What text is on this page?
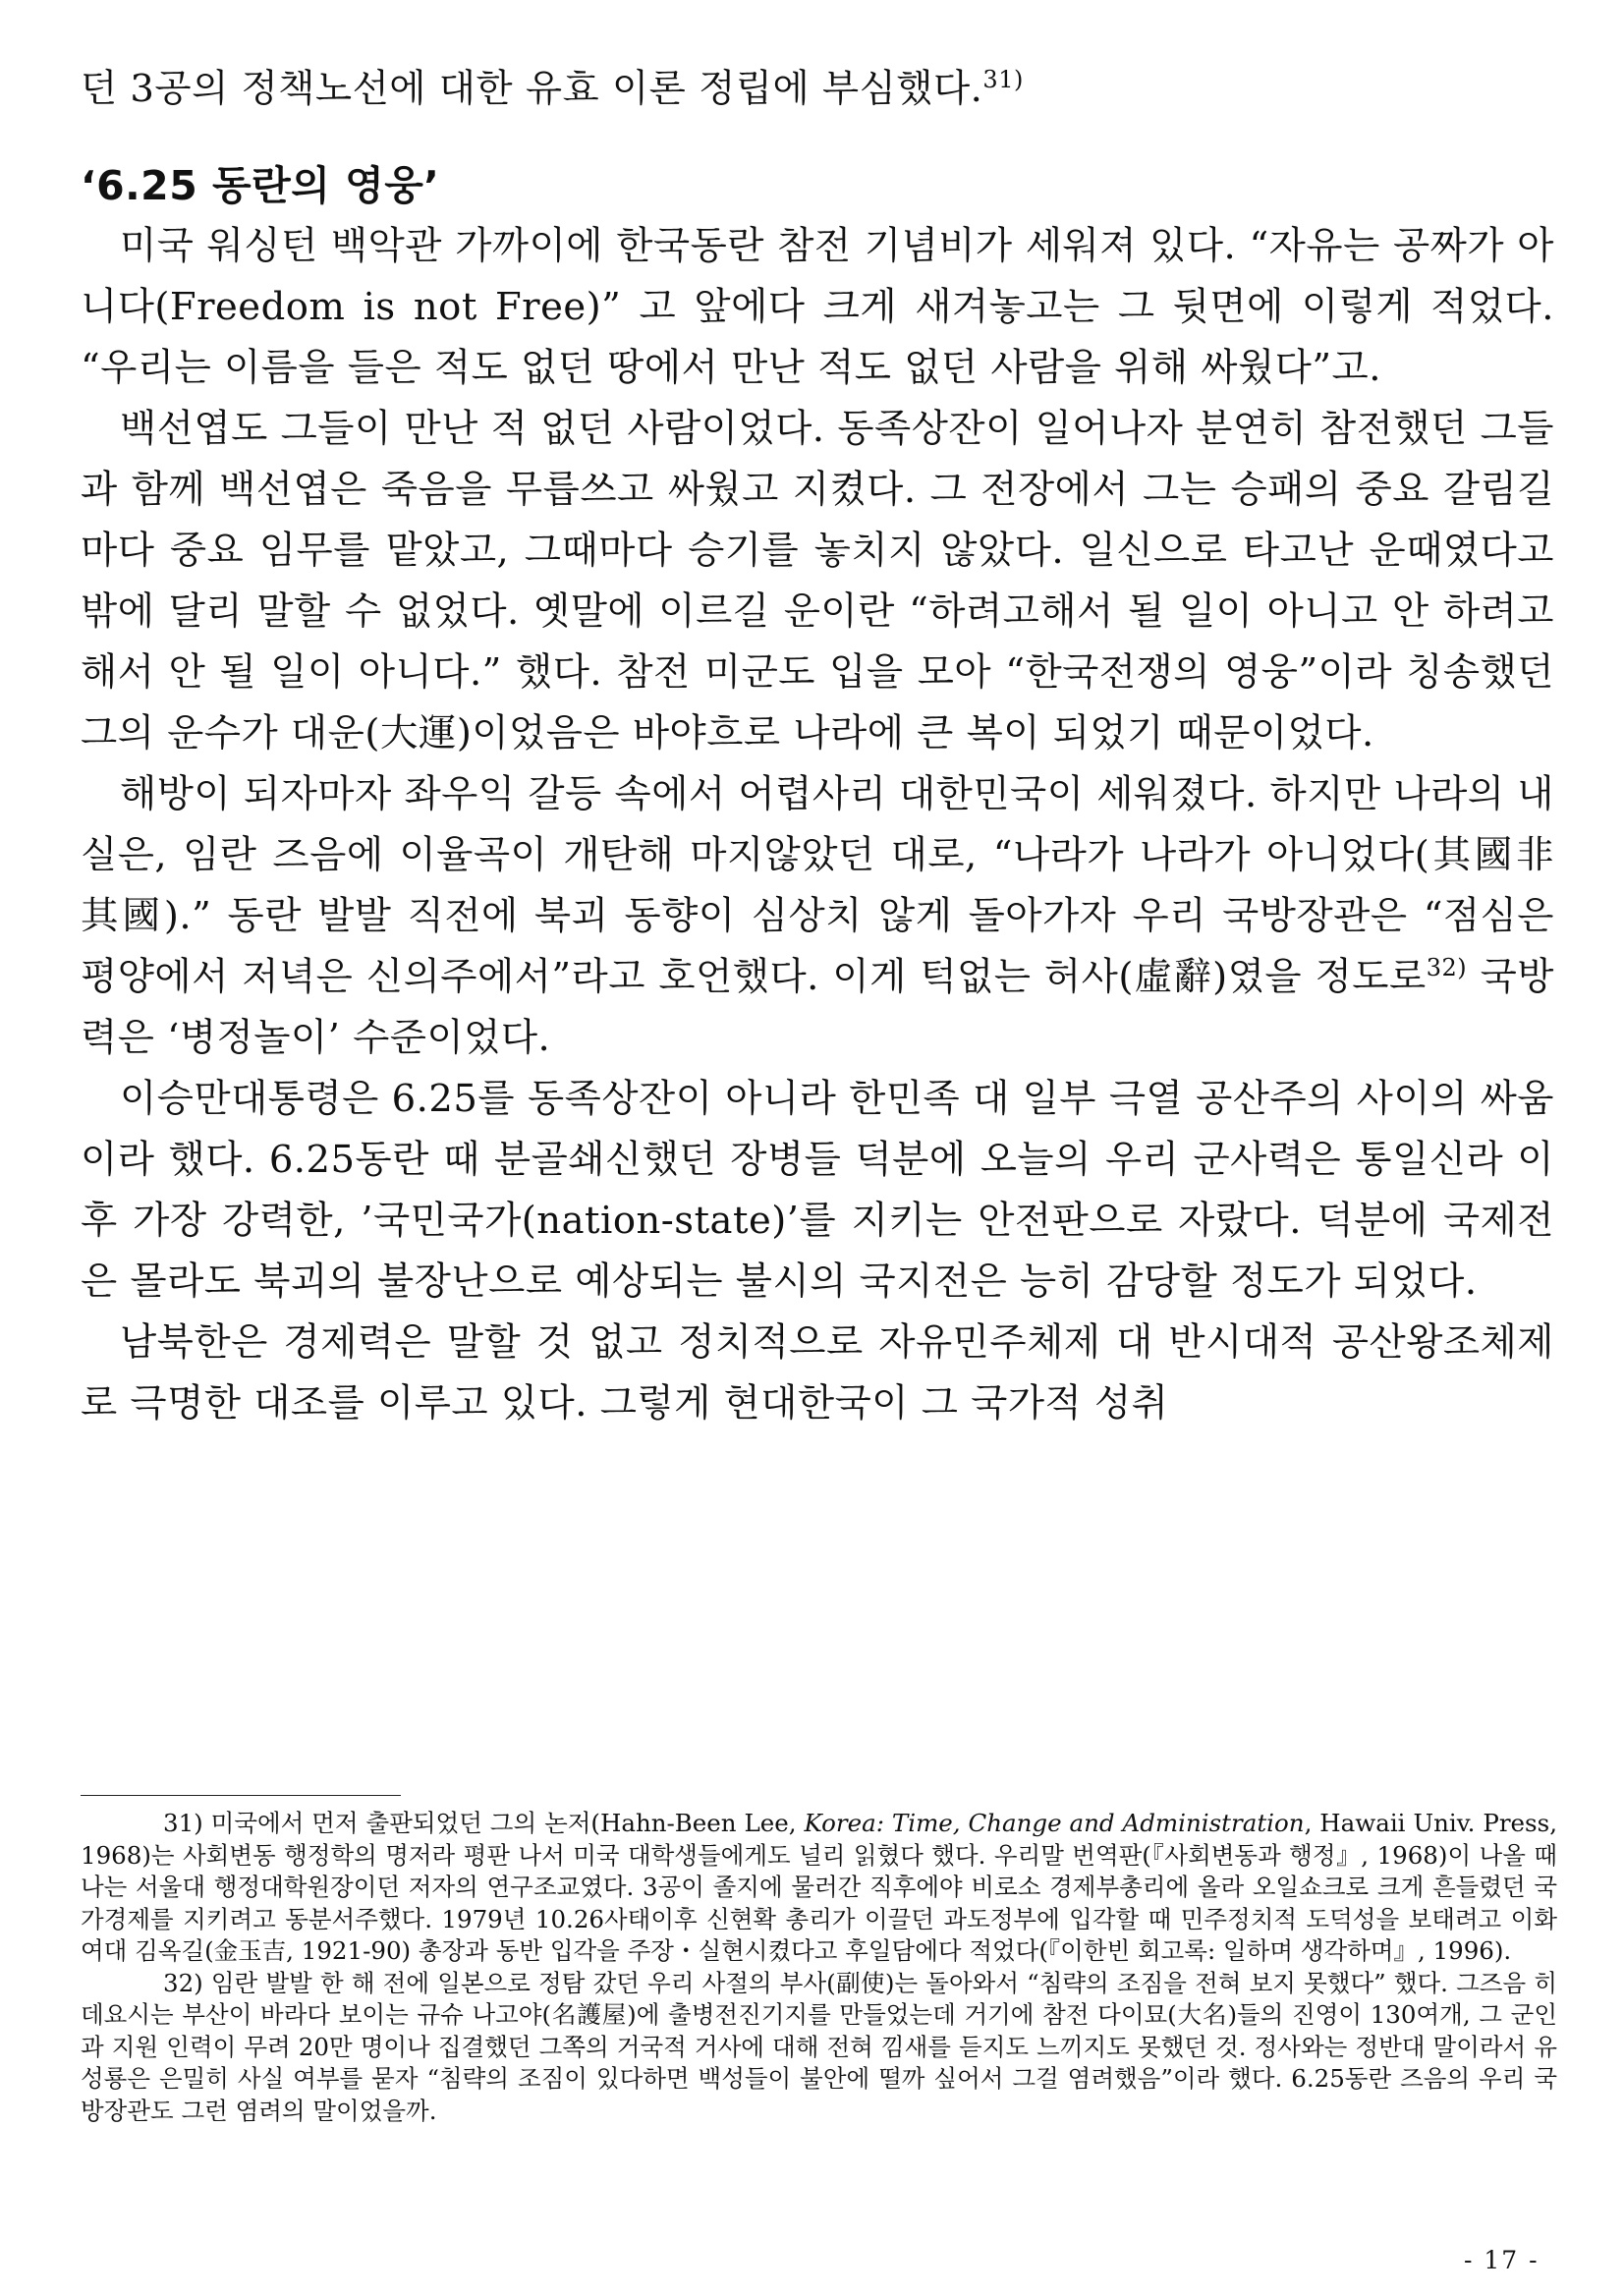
던 3공의 정책노선에 대한 유효 이론 정립에 부심했다.$^{31)}$

‘6.25 동란의 영웅’

미국 워싱턴 백악관 가까이에 한국동란 참전 기념비가 세워져 있다. “자유는 공짜가 아니다(Freedom is not Free)” 고 앞에다 크게 새겨놓고는 그 뒷면에 이렇게 적었다. “우리는 이름을 들은 적도 없던 땅에서 만난 적도 없던 사람을 위해 싸웠다”고.

백선엽도 그들이 만난 적 없던 사람이었다. 동족상잔이 일어나자 분연히 참전했던 그들과 함께 백선엽은 죽음을 무릅쓰고 싸웠고 지켰다. 그 전장에서 그는 승패의 중요 갈림길마다 중요 임무를 맡았고, 그때마다 승기를 놓치지 않았다. 일신으로 타고난 운때였다고 밖에 달리 말할 수 없었다. 옛말에 이르길 운이란 “하려고해서 될 일이 아니고 안 하려고 해서 안 될 일이 아니다.” 했다. 참전 미군도 입을 모아 “한국전쟁의 영웅”이라 칭송했던 그의 운수가 대운(大運)이었음은 바야흐로 나라에 큰 복이 되었기 때문이었다.

해방이 되자마자 좌우익 갈등 속에서 어렵사리 대한민국이 세워졌다. 하지만 나라의 내실은, 임란 즈음에 이율곡이 개탄해 마지않았던 대로, “나라가 나라가 아니었다(其國非其國).” 동란 발발 직전에 북괴 동향이 심상치 않게 돌아가자 우리 국방장관은 “점심은 평양에서 저녁은 신의주에서”라고 호언했다. 이게 턱없는 허사(虛辭)였을 정도로$^{32)}$ 국방력은 ‘병정놀이’ 수준이었다.

이승만대통령은 6.25를 동족상잔이 아니라 한민족 대 일부 극열 공산주의 사이의 싸움이라 했다. 6.25동란 때 분골쇄신했던 장병들 덕분에 오늘의 우리 군사력은 통일신라 이후 가장 강력한, ’국민국가(nation-state)’를 지키는 안전판으로 자랐다. 덕분에 국제전은 몰라도 북괴의 불장난으로 예상되는 불시의 국지전은 능히 감당할 정도가 되었다.

남북한은 경제력은 말할 것 없고 정치적으로 자유민주체제 대 반시대적 공산왕조체제로 극명한 대조를 이루고 있다. 그렇게 현대한국이 그 국가적 성취

31) 미국에서 먼저 출판되었던 그의 논저(Hahn-Been Lee, Korea: Time, Change and Administration, Hawaii Univ. Press, 1968)는 사회변동 행정학의 명저라 평판 나서 미국 대학생들에게도 널리 읽혔다 했다. 우리말 번역판(『사회변동과 행정』, 1968)이 나올 때 나는 서울대 행정대학원장이던 저자의 연구조교였다. 3공이 졸지에 물러간 직후에야 비로소 경제부총리에 올라 오일쇼크로 크게 흔들렸던 국가경제를 지키려고 동분서주했다. 1979년 10.26사태이후 신현확 총리가 이끌던 과도정부에 입각할 때 민주정치적 도덕성을 보태려고 이화여대 김옥길(金玉吉, 1921-90) 총장과 동반 입각을 주장・실현시켰다고 후일담에다 적었다(『이한빈 회고록: 일하며 생각하며』, 1996).

32) 임란 발발 한 해 전에 일본으로 정탐 갔던 우리 사절의 부사(副使)는 돌아와서 “침략의 조짐을 전혀 보지 못했다” 했다. 그즈음 히데요시는 부산이 바라다 보이는 규슈 나고야(名護屋)에 출병전진기지를 만들었는데 거기에 참전 다이묘(大名)들의 진영이 130여개, 그 군인과 지원 인력이 무려 20만 명이나 집결했던 그쪽의 거국적 거사에 대해 전혀 낌새를 듣지도 느끼지도 못했던 것. 정사와는 정반대 말이라서 유성룡은 은밀히 사실 여부를 묻자 “침략의 조짐이 있다하면 백성들이 불안에 떨까 싶어서 그걸 염려했음”이라 했다. 6.25동란 즈음의 우리 국방장관도 그런 염려의 말이었을까.

- 17 -
